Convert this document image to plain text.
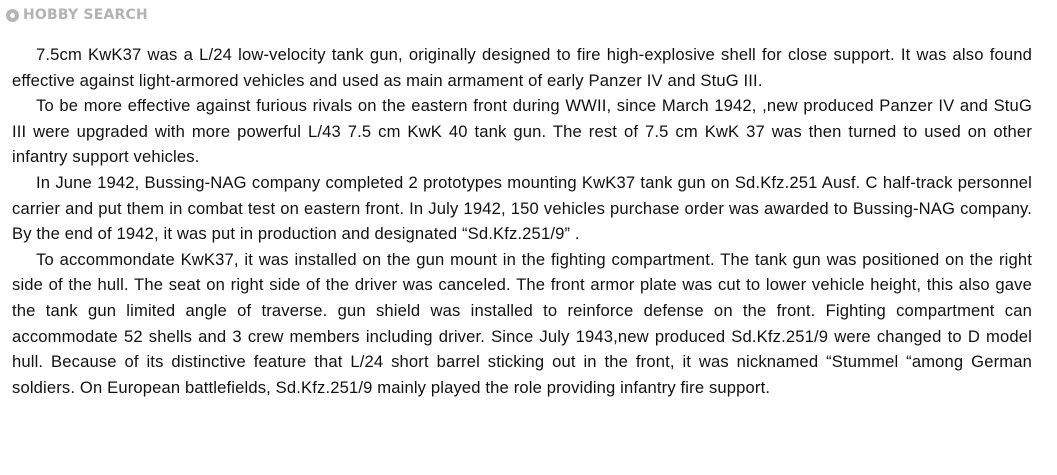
HOBBY SEARCH

7.5cm KwK37 was a L/24 low-velocity tank gun, originally designed to fire high-explosive shell for close support. It was also found effective against light-armored vehicles and used as main armament of early Panzer IV and StuG III.

To be more effective against furious rivals on the eastern front during WWII, since March 1942, ,new produced Panzer IV and StuG III were upgraded with more powerful L/43 7.5 cm KwK 40 tank gun. The rest of 7.5 cm KwK 37 was then turned to used on other infantry support vehicles.

In June 1942, Bussing-NAG company completed 2 prototypes mounting KwK37 tank gun on Sd.Kfz.251 Ausf. C half-track personnel carrier and put them in combat test on eastern front. In July 1942, 150 vehicles purchase order was awarded to Bussing-NAG company. By the end of 1942, it was put in production and designated “Sd.Kfz.251/9” .

To accommondate KwK37, it was installed on the gun mount in the fighting compartment. The tank gun was positioned on the right side of the hull. The seat on right side of the driver was canceled. The front armor plate was cut to lower vehicle height, this also gave the tank gun limited angle of traverse. gun shield was installed to reinforce defense on the front. Fighting compartment can accommodate 52 shells and 3 crew members including driver. Since July 1943,new produced Sd.Kfz.251/9 were changed to D model hull. Because of its distinctive feature that L/24 short barrel sticking out in the front, it was nicknamed “Stummel “among German soldiers. On European battlefields, Sd.Kfz.251/9 mainly played the role providing infantry fire support.
